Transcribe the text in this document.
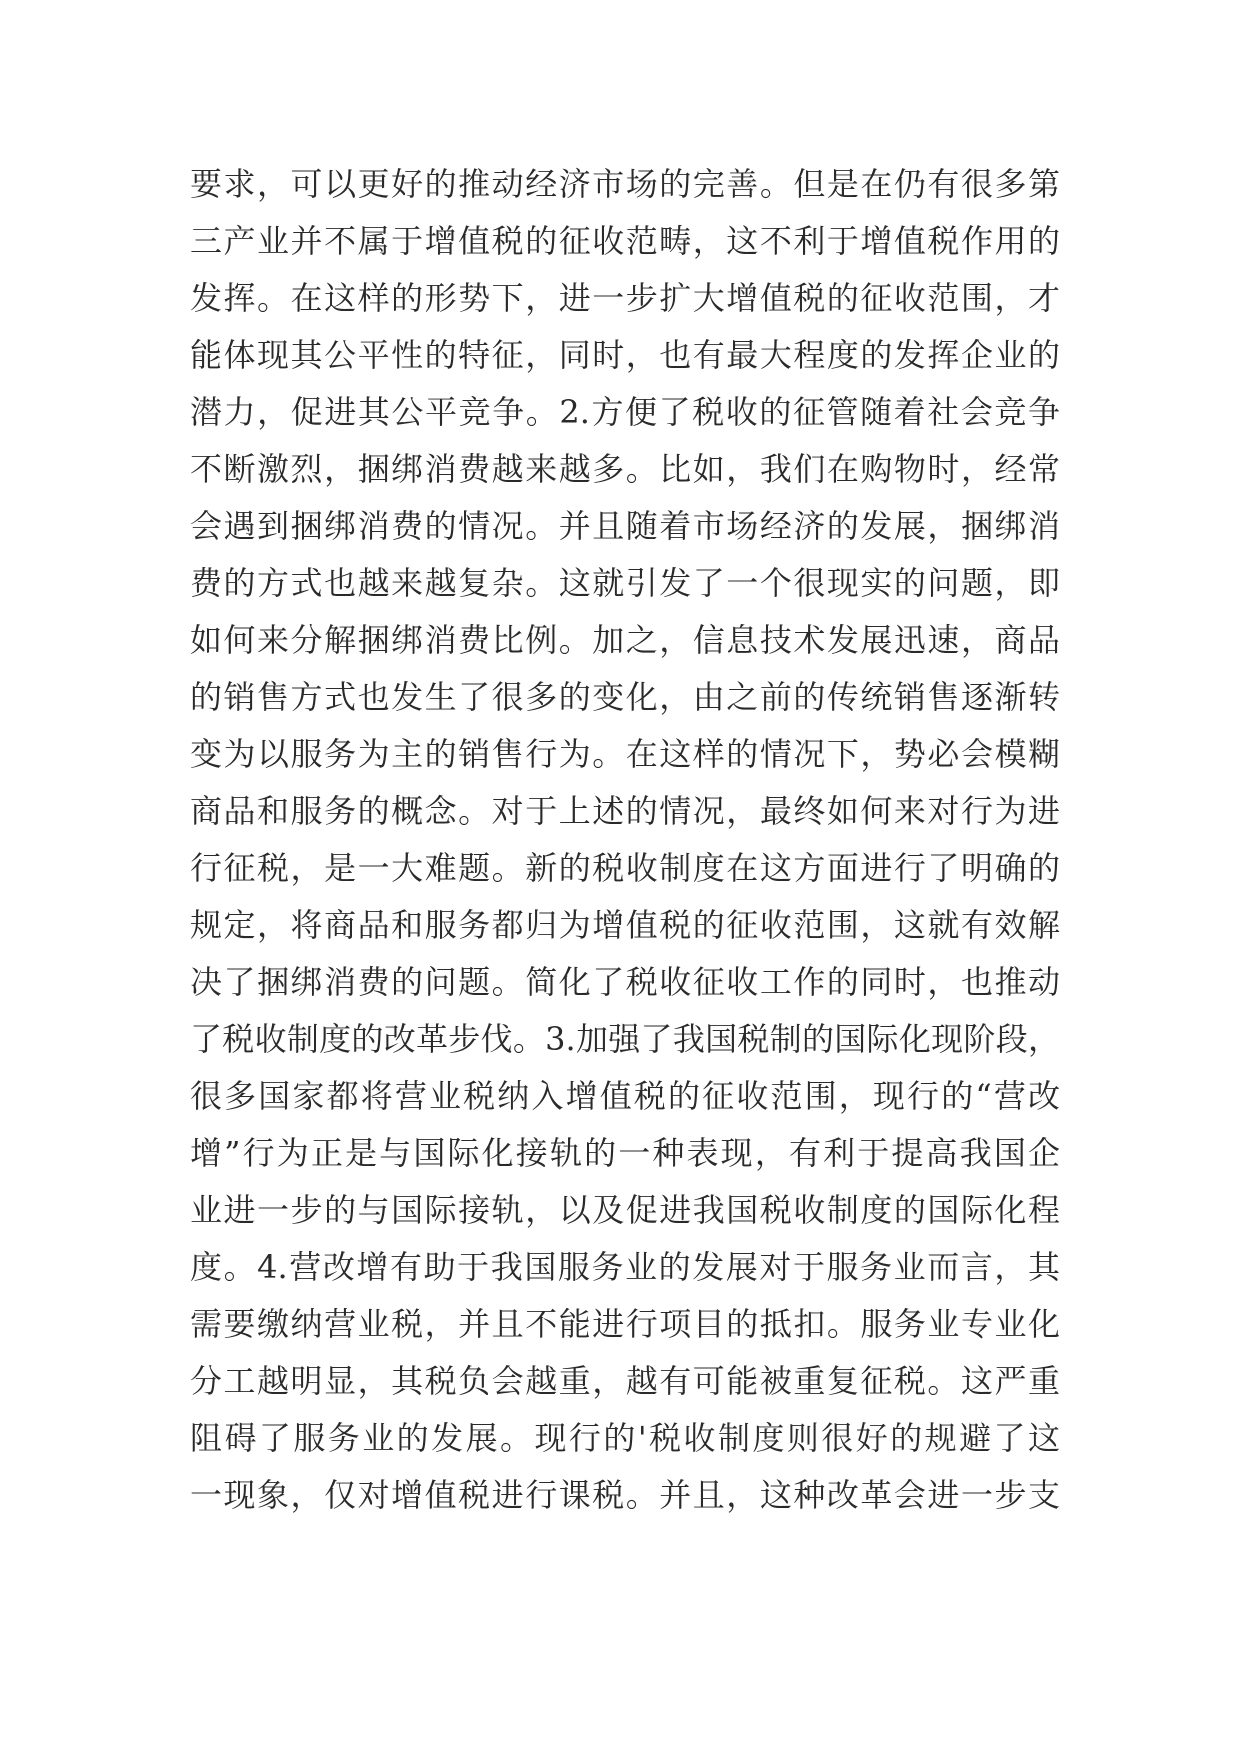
要求，可以更好的推动经济市场的完善。但是在仍有很多第
三产业并不属于增值税的征收范畴，这不利于增值税作用的
发挥。在这样的形势下，进一步扩大增值税的征收范围，才
能体现其公平性的特征，同时，也有最大程度的发挥企业的
潜力，促进其公平竞争。2.方便了税收的征管随着社会竞争
不断激烈，捆绑消费越来越多。比如，我们在购物时，经常
会遇到捆绑消费的情况。并且随着市场经济的发展，捆绑消
费的方式也越来越复杂。这就引发了一个很现实的问题，即
如何来分解捆绑消费比例。加之，信息技术发展迅速，商品
的销售方式也发生了很多的变化，由之前的传统销售逐渐转
变为以服务为主的销售行为。在这样的情况下，势必会模糊
商品和服务的概念。对于上述的情况，最终如何来对行为进
行征税，是一大难题。新的税收制度在这方面进行了明确的
规定，将商品和服务都归为增值税的征收范围，这就有效解
决了捆绑消费的问题。简化了税收征收工作的同时，也推动
了税收制度的改革步伐。3.加强了我国税制的国际化现阶段，
很多国家都将营业税纳入增值税的征收范围，现行的“营改
增”行为正是与国际化接轨的一种表现，有利于提高我国企
业进一步的与国际接轨，以及促进我国税收制度的国际化程
度。4.营改增有助于我国服务业的发展对于服务业而言，其
需要缴纳营业税，并且不能进行项目的抵扣。服务业专业化
分工越明显，其税负会越重，越有可能被重复征税。这严重
阻碍了服务业的发展。现行的'税收制度则很好的规避了这
一现象，仅对增值税进行课税。并且，这种改革会进一步支
